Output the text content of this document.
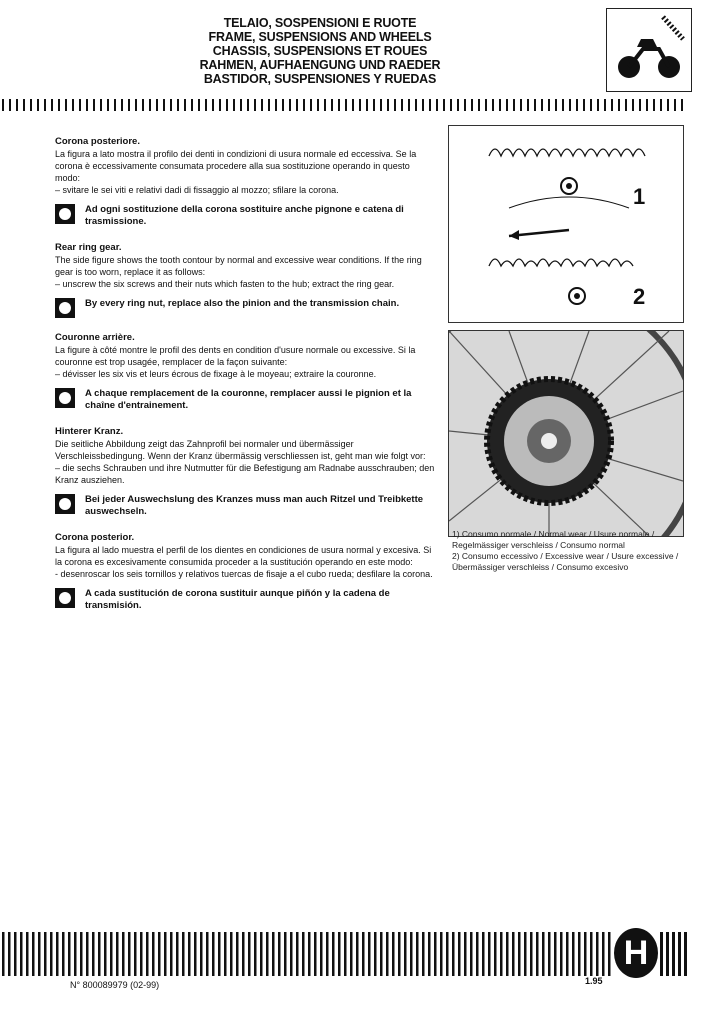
TELAIO, SOSPENSIONI E RUOTE
FRAME, SUSPENSIONS AND WHEELS
CHASSIS, SUSPENSIONS ET ROUES
RAHMEN, AUFHAENGUNG UND RAEDER
BASTIDOR, SUSPENSIONES Y RUEDAS
Corona posteriore.

La figura a lato mostra il profilo dei denti in condizioni di usura normale ed eccessiva. Se la corona è eccessivamente consumata procedere alla sua sostituzione operando in questo modo:

– svitare le sei viti e relativi dadi di fissaggio al mozzo; sfilare la corona.

Ad ogni sostituzione della corona sostituire anche pignone e catena di trasmissione.
Rear ring gear.

The side figure shows the tooth contour by normal and excessive wear conditions. If the ring gear is too worn, replace it as follows:

– unscrew the six screws and their nuts which fasten to the hub; extract the ring gear.

By every ring nut, replace also the pinion and the transmission chain.
Couronne arrière.

La figure à côté montre le profil des dents en condition d'usure normale ou excessive. Si la couronne est trop usagée, remplacer de la façon suivante:

– dévisser les six vis et leurs écrous de fixage à le moyeau; extraire la couronne.

A chaque remplacement de la couronne, remplacer aussi le pignion et la chaîne d'entrainement.
Hinterer Kranz.

Die seitliche Abbildung zeigt das Zahnprofil bei normaler und übermässiger Verschleissbedingung. Wenn der Kranz übermässig verschliessen ist, geht man wie folgt vor:

– die sechs Schrauben und ihre Nutmutter für die Befestigung am Radnabe ausschrauben; den Kranz ausziehen.

Bei jeder Auswechslung des Kranzes muss man auch Ritzel und Treibkette auswechseln.
Corona posterior.

La figura al lado muestra el perfil de los dientes en condiciones de usura normal y excesiva. Si la corona es excesivamente consumida proceder a la sustitución operando en este modo:

- desenroscar los seis tornillos y relativos tuercas de fisaje a el cubo rueda; desfilare la corona.

A cada sustitución de corona sustituir aunque piñón y la cadena de transmisión.
1
2
1) Consumo normale / Normal wear / Usure normale / Regelmässiger verschleiss / Consumo normal
2) Consumo eccessivo / Excessive wear / Usure excessive / Übermässiger verschleiss / Consumo excesivo
H
N° 800089979 (02-99)	1.95
